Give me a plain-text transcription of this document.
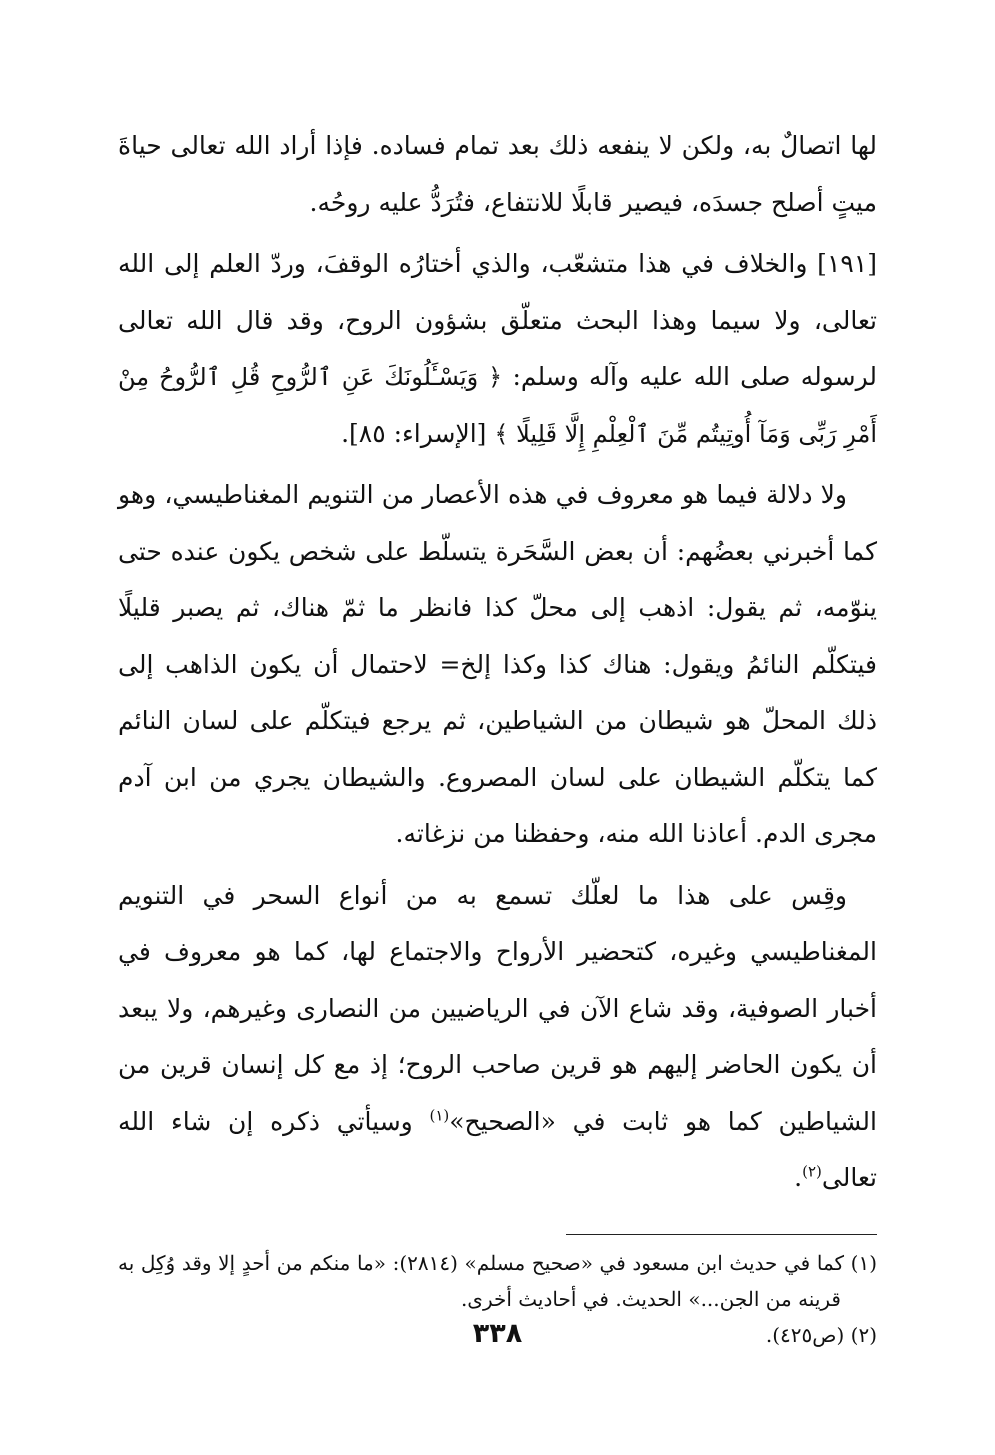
لها اتصالٌ به، ولكن لا ينفعه ذلك بعد تمام فساده. فإذا أراد الله تعالى حياةَ ميتٍ أصلح جسدَه، فيصير قابلًا للانتفاع، فتُرَدُّ عليه روحُه.

[١٩١] والخلاف في هذا متشعّب، والذي أختارُه الوقفَ، وردّ العلم إلى الله تعالى، ولا سيما وهذا البحث متعلّق بشؤون الروح، وقد قال الله تعالى لرسوله صلى الله عليه وآله وسلم: ﴿ وَيَسْـَٔلُونَكَ عَنِ ٱلرُّوحِ قُلِ ٱلرُّوحُ مِنْ أَمْرِ رَبِّى وَمَآ أُوتِيتُم مِّنَ ٱلْعِلْمِ إِلَّا قَلِيلًا ﴾ [الإسراء: ٨٥].

ولا دلالة فيما هو معروف في هذه الأعصار من التنويم المغناطيسي، وهو كما أخبرني بعضُهم: أن بعض السَّحَرة يتسلّط على شخص يكون عنده حتى ينوّمه، ثم يقول: اذهب إلى محلّ كذا فانظر ما ثمّ هناك، ثم يصبر قليلًا فيتكلّم النائمُ ويقول: هناك كذا وكذا إلخ= لاحتمال أن يكون الذاهب إلى ذلك المحلّ هو شيطان من الشياطين، ثم يرجع فيتكلّم على لسان النائم كما يتكلّم الشيطان على لسان المصروع. والشيطان يجري من ابن آدم مجرى الدم. أعاذنا الله منه، وحفظنا من نزغاته.

وقِس على هذا ما لعلّك تسمع به من أنواع السحر في التنويم المغناطيسي وغيره، كتحضير الأرواح والاجتماع لها، كما هو معروف في أخبار الصوفية، وقد شاع الآن في الرياضيين من النصارى وغيرهم، ولا يبعد أن يكون الحاضر إليهم هو قرين صاحب الروح؛ إذ مع كل إنسان قرين من الشياطين كما هو ثابت في «الصحيح»$^{(١)}$ وسيأتي ذكره إن شاء الله تعالى$^{(٢)}$.

(١) كما في حديث ابن مسعود في «صحيح مسلم» (٢٨١٤): «ما منكم من أحدٍ إلا وقد وُكِل به قرينه من الجن...» الحديث. في أحاديث أخرى.

(٢) (ص٤٢٥).

٣٣٨
